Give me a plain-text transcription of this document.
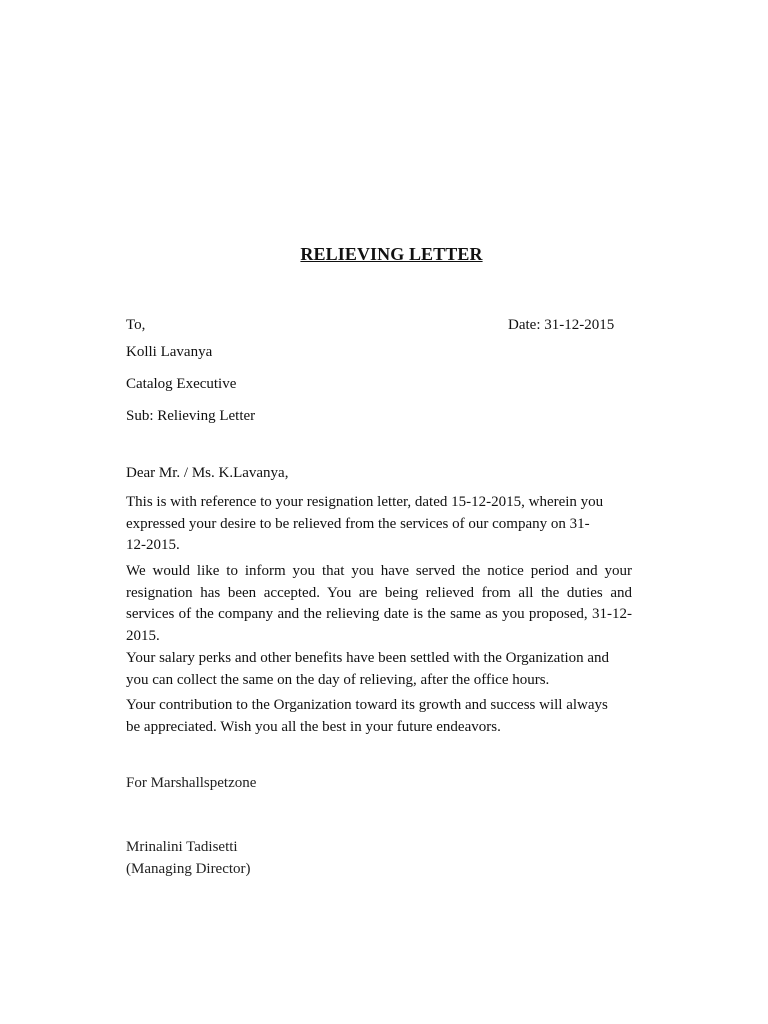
RELIEVING LETTER
To,	Date: 31-12-2015
Kolli Lavanya
Catalog Executive
Sub: Relieving Letter
Dear Mr. / Ms. K.Lavanya,
This is with reference to your resignation letter, dated 15-12-2015, wherein you expressed your desire to be relieved from the services of our company on 31-12-2015.
We would like to inform you that you have served the notice period and your resignation has been accepted. You are being relieved from all the duties and services of the company and the relieving date is the same as you proposed, 31-12-2015.
Your salary perks and other benefits have been settled with the Organization and you can collect the same on the day of relieving, after the office hours.
Your contribution to the Organization toward its growth and success will always be appreciated. Wish you all the best in your future endeavors.
For Marshallspetzone
Mrinalini Tadisetti
(Managing Director)
